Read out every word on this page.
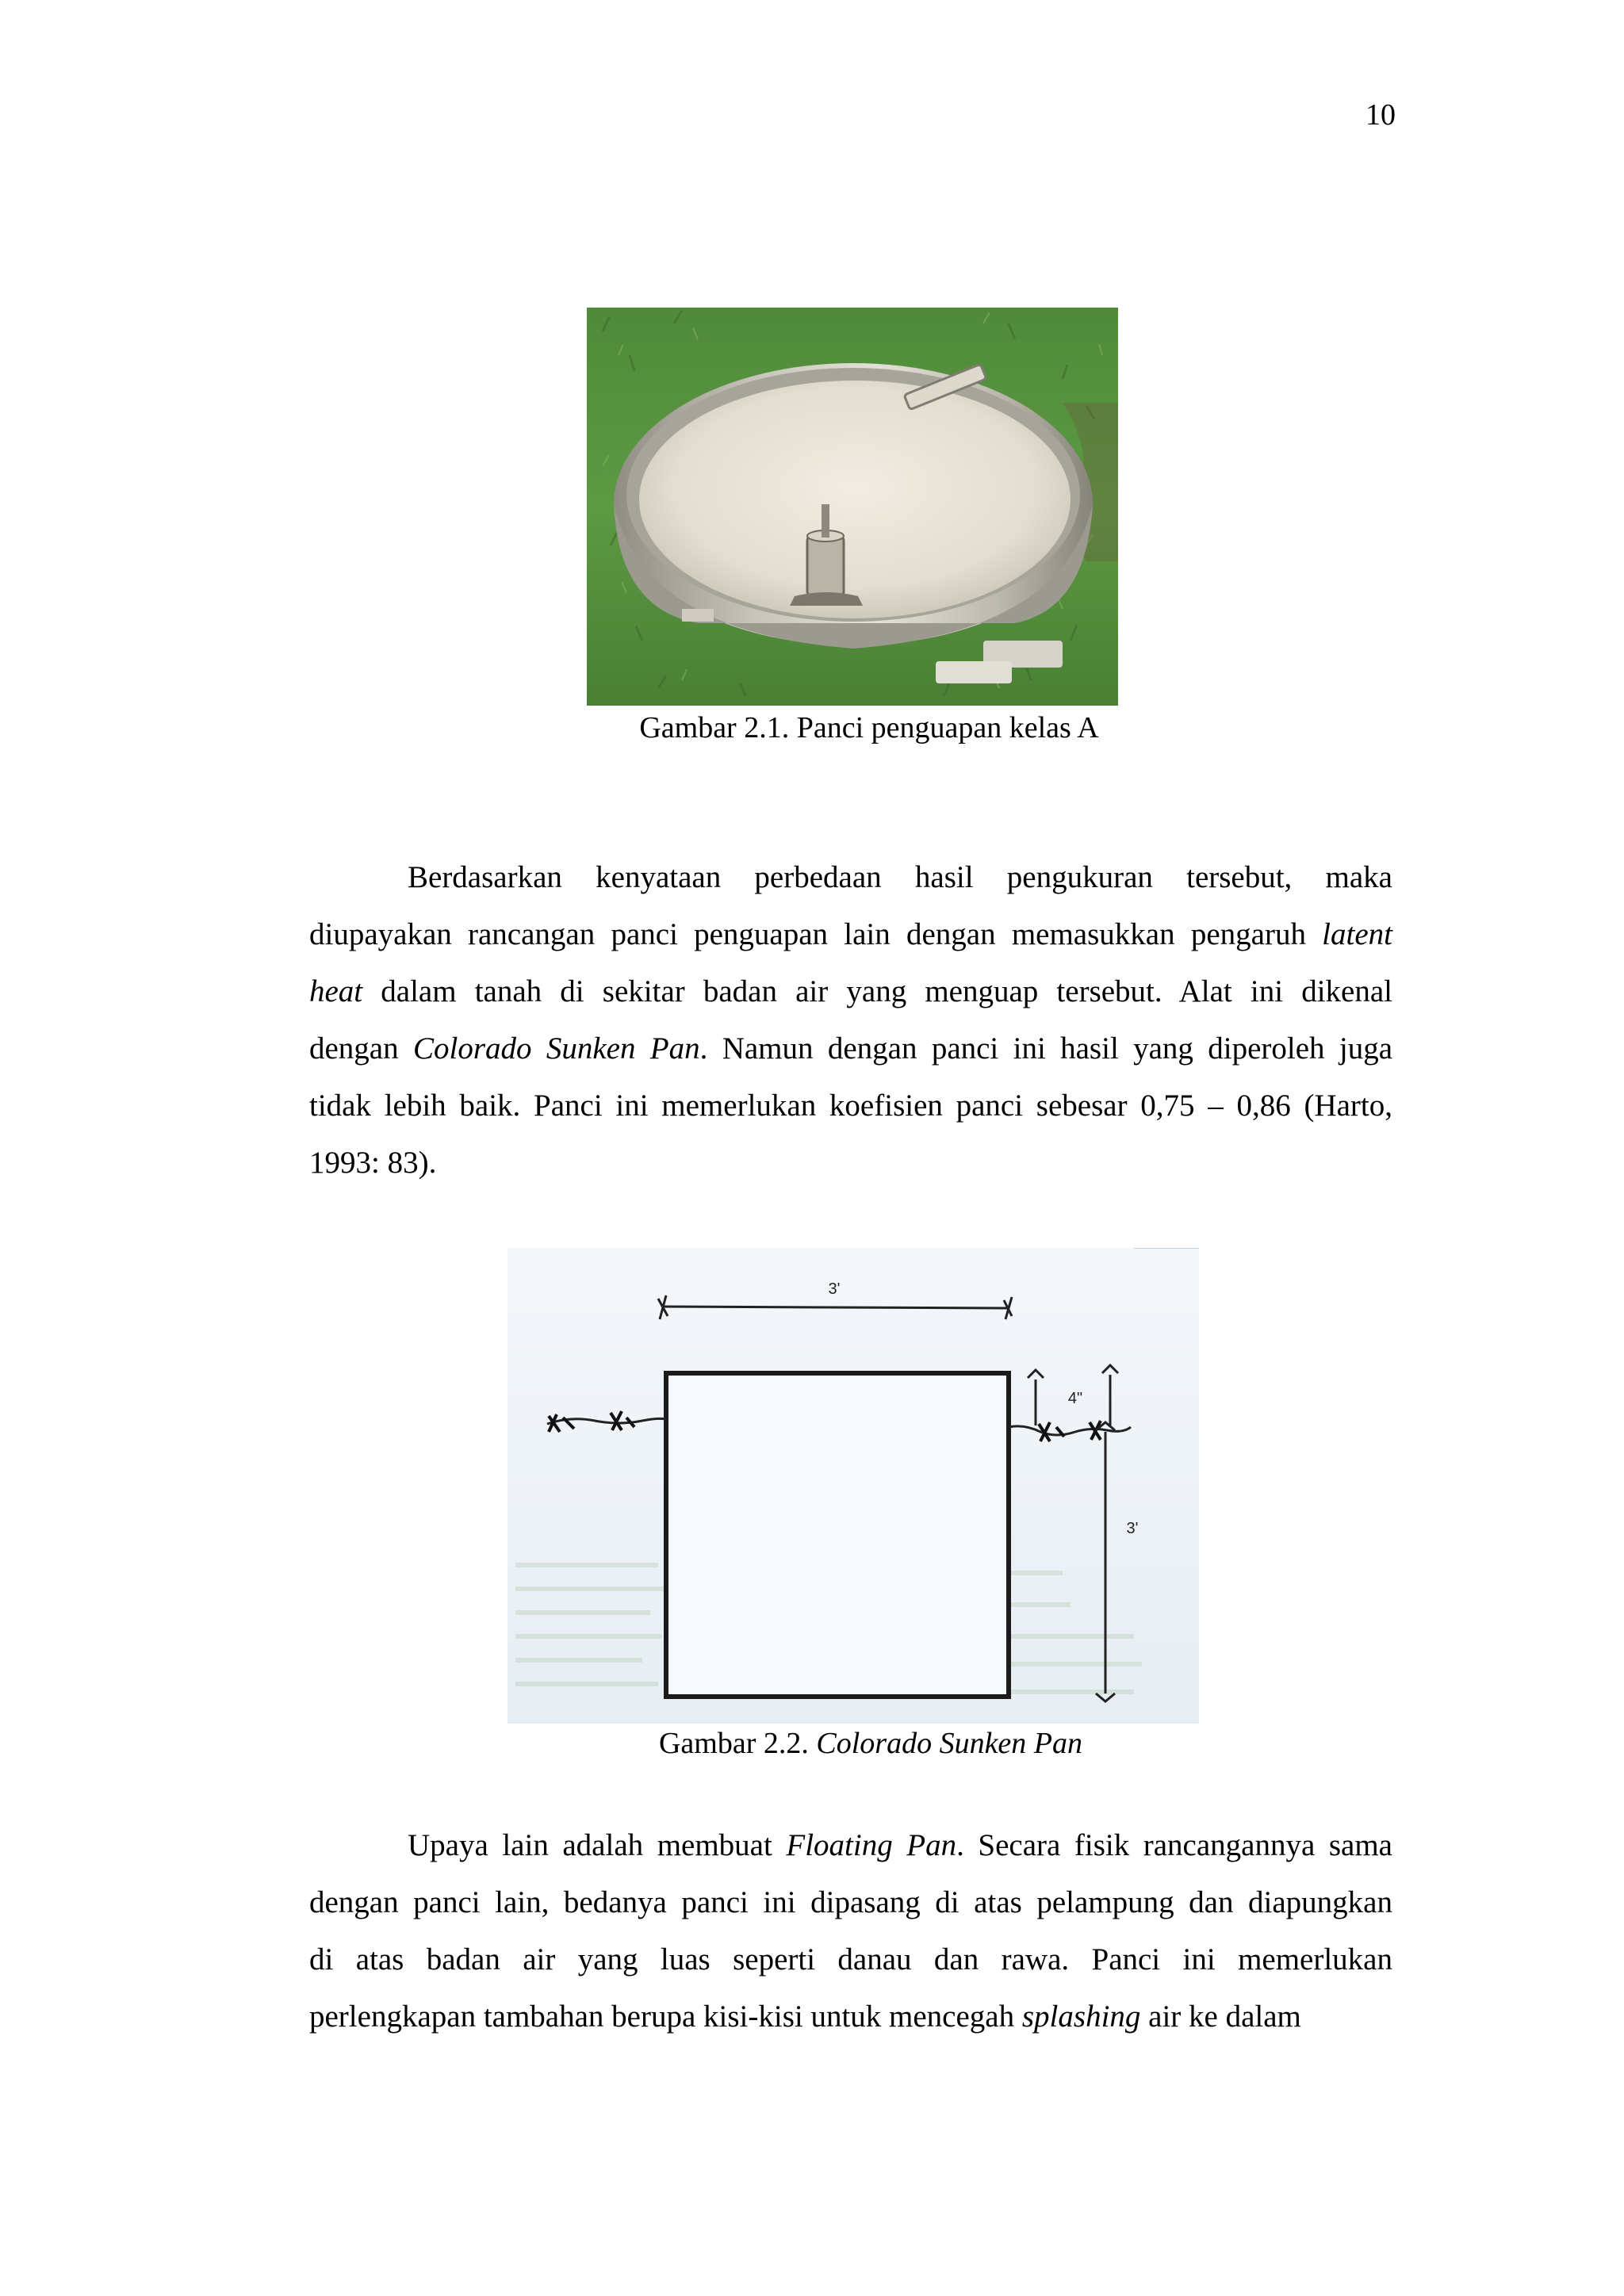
10
Gambar 2.1. Panci penguapan kelas A
Berdasarkan kenyataan perbedaan hasil pengukuran tersebut, maka
diupayakan rancangan panci penguapan lain dengan memasukkan pengaruh latent
heat dalam tanah di sekitar badan air yang menguap tersebut. Alat ini dikenal
dengan Colorado Sunken Pan. Namun dengan panci ini hasil yang diperoleh juga
tidak lebih baik. Panci ini memerlukan koefisien panci sebesar 0,75 – 0,86 (Harto,
1993: 83).
3'
4"
3'
Gambar 2.2. Colorado Sunken Pan
Upaya lain adalah membuat Floating Pan. Secara fisik rancangannya sama
dengan panci lain, bedanya panci ini dipasang di atas pelampung dan diapungkan
di atas badan air yang luas seperti danau dan rawa. Panci ini memerlukan
perlengkapan tambahan berupa kisi-kisi untuk mencegah splashing air ke dalam
